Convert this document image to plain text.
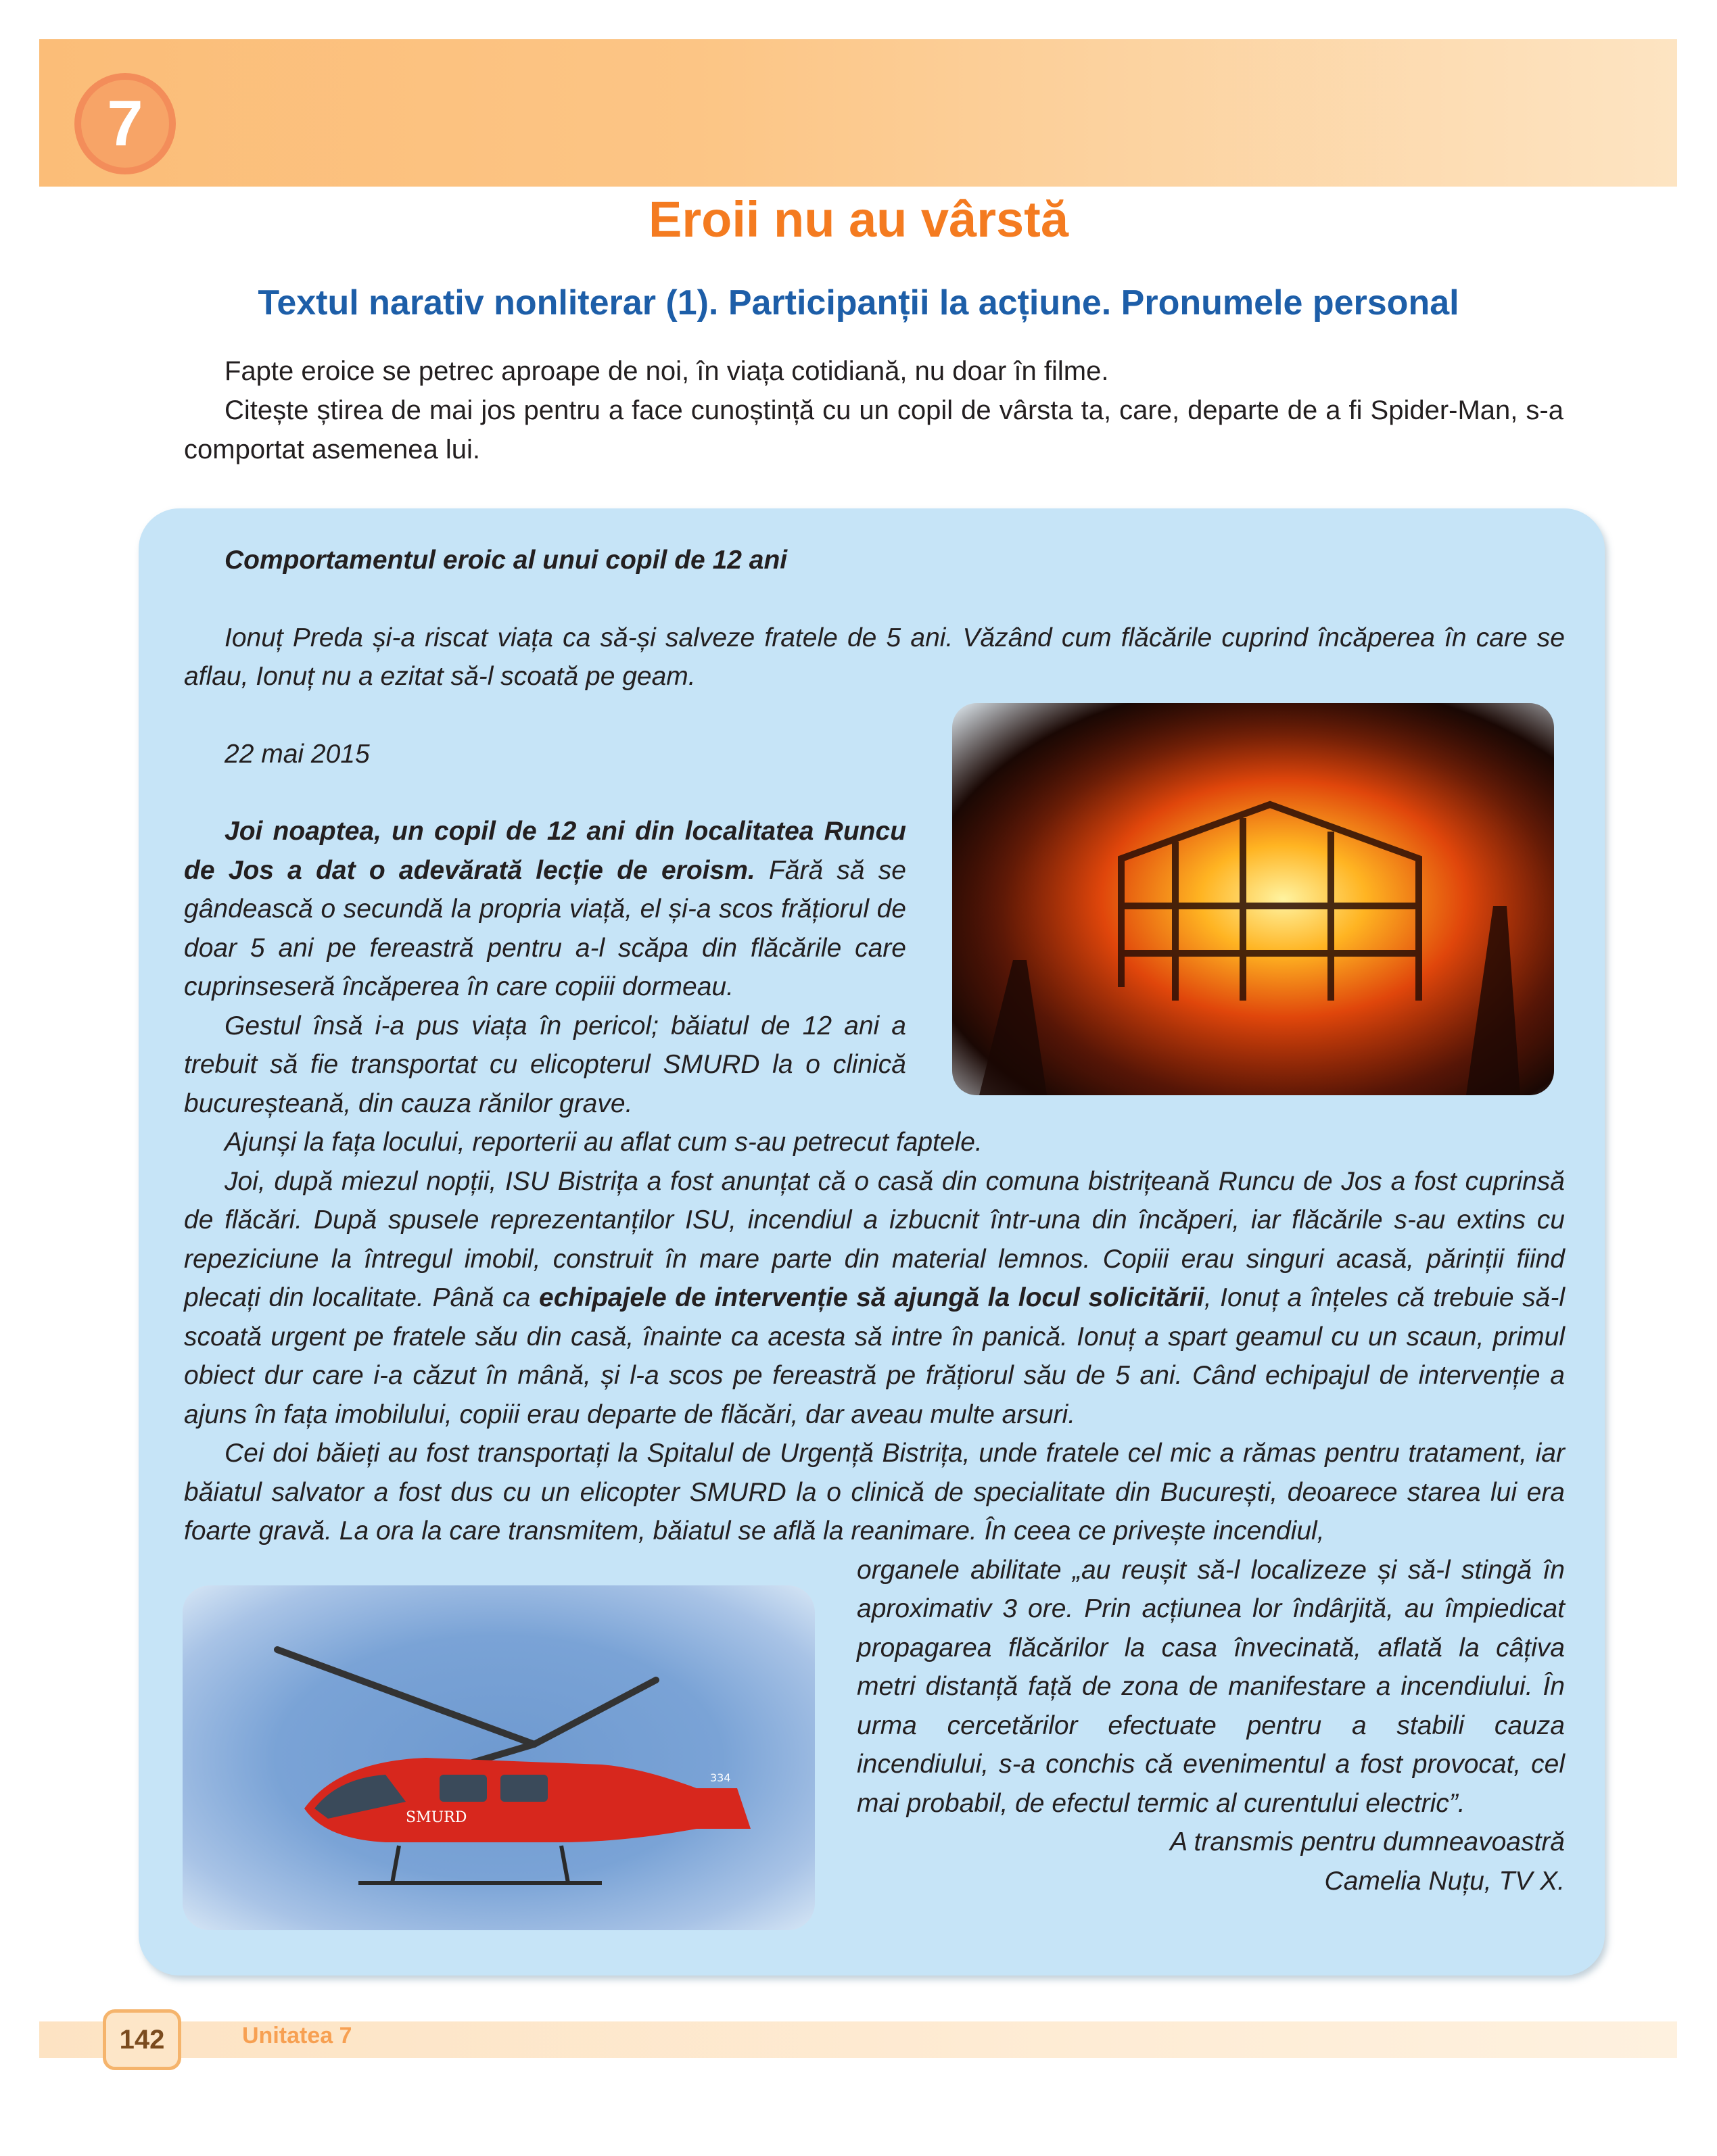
7
Eroii nu au vârstă
Textul narativ nonliterar (1). Participanții la acțiune. Pronumele personal

Fapte eroice se petrec aproape de noi, în viața cotidiană, nu doar în filme.

Citește știrea de mai jos pentru a face cunoștință cu un copil de vârsta ta, care, departe de a fi Spider-Man, s-a comportat asemenea lui.

SMURD
334

Comportamentul eroic al unui copil de 12 ani

Ionuț Preda și-a riscat viața ca să-și salveze fratele de 5 ani. Văzând cum flăcările cuprind încăperea în care se aflau, Ionuț nu a ezitat să-l scoată pe geam.

22 mai 2015

Joi noaptea, un copil de 12 ani din localitatea Runcu de Jos a dat o adevărată lecție de eroism. Fără să se gândească o secundă la propria viață, el și-a scos frățiorul de doar 5 ani pe fereastră pentru a-l scăpa din flăcările care cuprinseseră încăperea în care copiii dormeau.

Gestul însă i-a pus viața în pericol; băiatul de 12 ani a trebuit să fie transportat cu elicopterul SMURD la o clinică bucureșteană, din cauza rănilor grave.

Ajunși la fața locului, reporterii au aflat cum s-au petrecut faptele.

Joi, după miezul nopții, ISU Bistrița a fost anunțat că o casă din comuna bistrițeană Runcu de Jos a fost cuprinsă de flăcări. După spusele reprezentanților ISU, incendiul a izbucnit într-una din încăperi, iar flăcările s-au extins cu repeziciune la întregul imobil, construit în mare parte din material lemnos. Copiii erau singuri acasă, părinții fiind plecați din localitate. Până ca echipajele de intervenție să ajungă la locul solicitării, Ionuț a înțeles că trebuie să-l scoată urgent pe fratele său din casă, înainte ca acesta să intre în panică. Ionuț a spart geamul cu un scaun, primul obiect dur care i-a căzut în mână, și l-a scos pe fereastră pe frățiorul său de 5 ani. Când echipajul de intervenție a ajuns în fața imobilului, copiii erau departe de flăcări, dar aveau multe arsuri.

Cei doi băieți au fost transportați la Spitalul de Urgență Bistrița, unde fratele cel mic a rămas pentru tratament, iar băiatul salvator a fost dus cu un elicopter SMURD la o clinică de specialitate din București, deoarece starea lui era foarte gravă. La ora la care transmitem, băiatul se află la reanimare. În ceea ce privește incendiul,

organele abilitate „au reușit să-l localizeze și să-l stingă în aproximativ 3 ore. Prin acțiunea lor îndârjită, au împiedicat propagarea flăcărilor la casa învecinată, aflată la câțiva metri distanță față de zona de manifestare a incendiului. În urma cercetărilor efectuate pentru a stabili cauza incendiului, s-a conchis că evenimentul a fost provocat, cel mai probabil, de efectul termic al curentului electric”.

A transmis pentru dumneavoastră

Camelia Nuțu, TV X.

142	Unitatea 7
